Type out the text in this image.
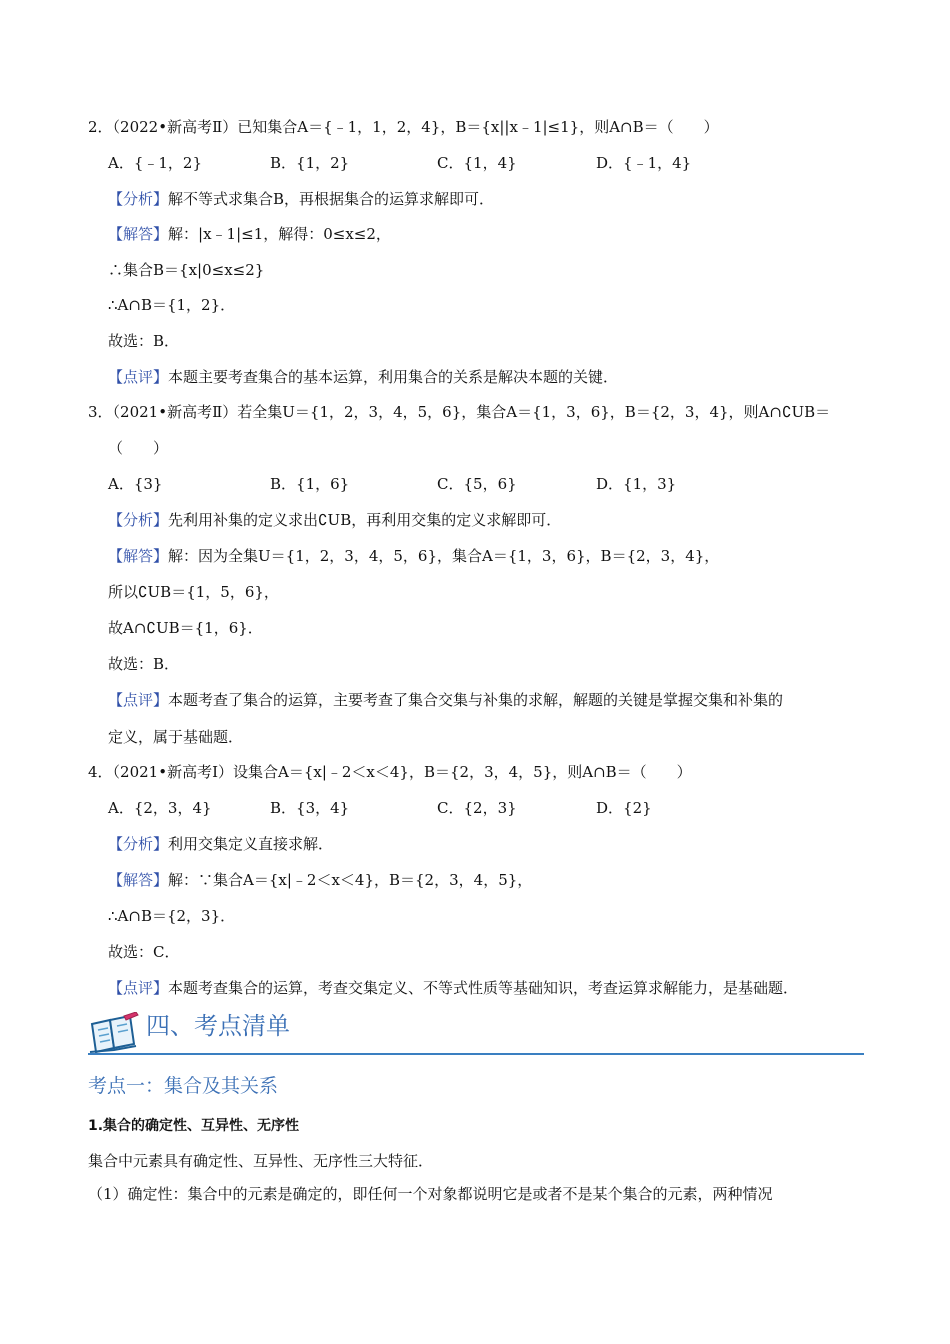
2．（2022•新高考Ⅱ）已知集合A＝{﹣1，1，2，4}，B＝{x||x﹣1|≤1}，则A∩B＝（　　）
A．{﹣1，2}	B．{1，2}	C．{1，4}	D．{﹣1，4}
【分析】解不等式求集合B，再根据集合的运算求解即可．
【解答】解：|x﹣1|≤1，解得：0≤x≤2，
∴集合B＝{x|0≤x≤2}
∴A∩B＝{1，2}．
故选：B．
【点评】本题主要考查集合的基本运算，利用集合的关系是解决本题的关键．
3．（2021•新高考Ⅱ）若全集U＝{1，2，3，4，5，6}，集合A＝{1，3，6}，B＝{2，3，4}，则A∩∁UB＝
（　　）
A．{3}	B．{1，6}	C．{5，6}	D．{1，3}
【分析】先利用补集的定义求出∁UB，再利用交集的定义求解即可．
【解答】解：因为全集U＝{1，2，3，4，5，6}，集合A＝{1，3，6}，B＝{2，3，4}，
所以∁UB＝{1，5，6}，
故A∩∁UB＝{1，6}．
故选：B．
【点评】本题考查了集合的运算，主要考查了集合交集与补集的求解，解题的关键是掌握交集和补集的
定义，属于基础题．
4．（2021•新高考Ⅰ）设集合A＝{x|﹣2＜x＜4}，B＝{2，3，4，5}，则A∩B＝（　　）
A．{2，3，4}	B．{3，4}	C．{2，3}	D．{2}
【分析】利用交集定义直接求解．
【解答】解：∵集合A＝{x|﹣2＜x＜4}，B＝{2，3，4，5}，
∴A∩B＝{2，3}．
故选：C．
【点评】本题考查集合的运算，考查交集定义、不等式性质等基础知识，考查运算求解能力，是基础题．
四、考点清单
考点一：集合及其关系
1.集合的确定性、互异性、无序性
集合中元素具有确定性、互异性、无序性三大特征．
（1）确定性：集合中的元素是确定的，即任何一个对象都说明它是或者不是某个集合的元素，两种情况
